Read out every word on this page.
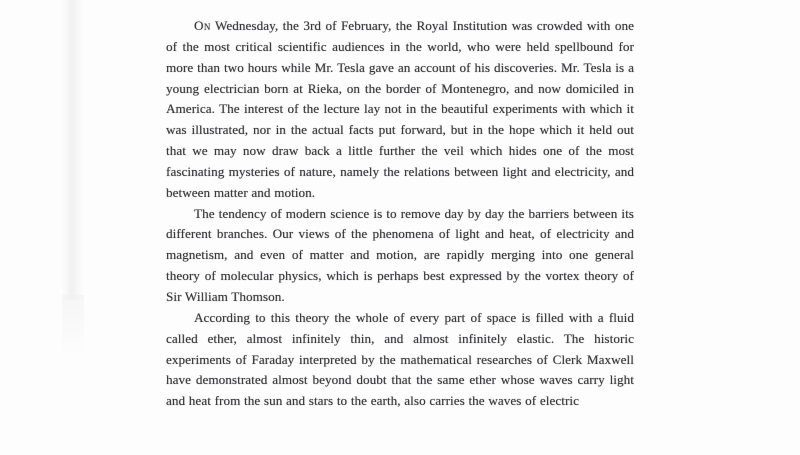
On Wednesday, the 3rd of February, the Royal Institution was crowded with one of the most critical scientific audiences in the world, who were held spellbound for more than two hours while Mr. Tesla gave an account of his discoveries. Mr. Tesla is a young electrician born at Rieka, on the border of Montenegro, and now domiciled in America. The interest of the lecture lay not in the beautiful experiments with which it was illustrated, nor in the actual facts put forward, but in the hope which it held out that we may now draw back a little further the veil which hides one of the most fascinating mysteries of nature, namely the relations between light and electricity, and between matter and motion.

The tendency of modern science is to remove day by day the barriers between its different branches. Our views of the phenomena of light and heat, of electricity and magnetism, and even of matter and motion, are rapidly merging into one general theory of molecular physics, which is perhaps best expressed by the vortex theory of Sir William Thomson.

According to this theory the whole of every part of space is filled with a fluid called ether, almost infinitely thin, and almost infinitely elastic. The historic experiments of Faraday interpreted by the mathematical researches of Clerk Maxwell have demonstrated almost beyond doubt that the same ether whose waves carry light and heat from the sun and stars to the earth, also carries the waves of electric
